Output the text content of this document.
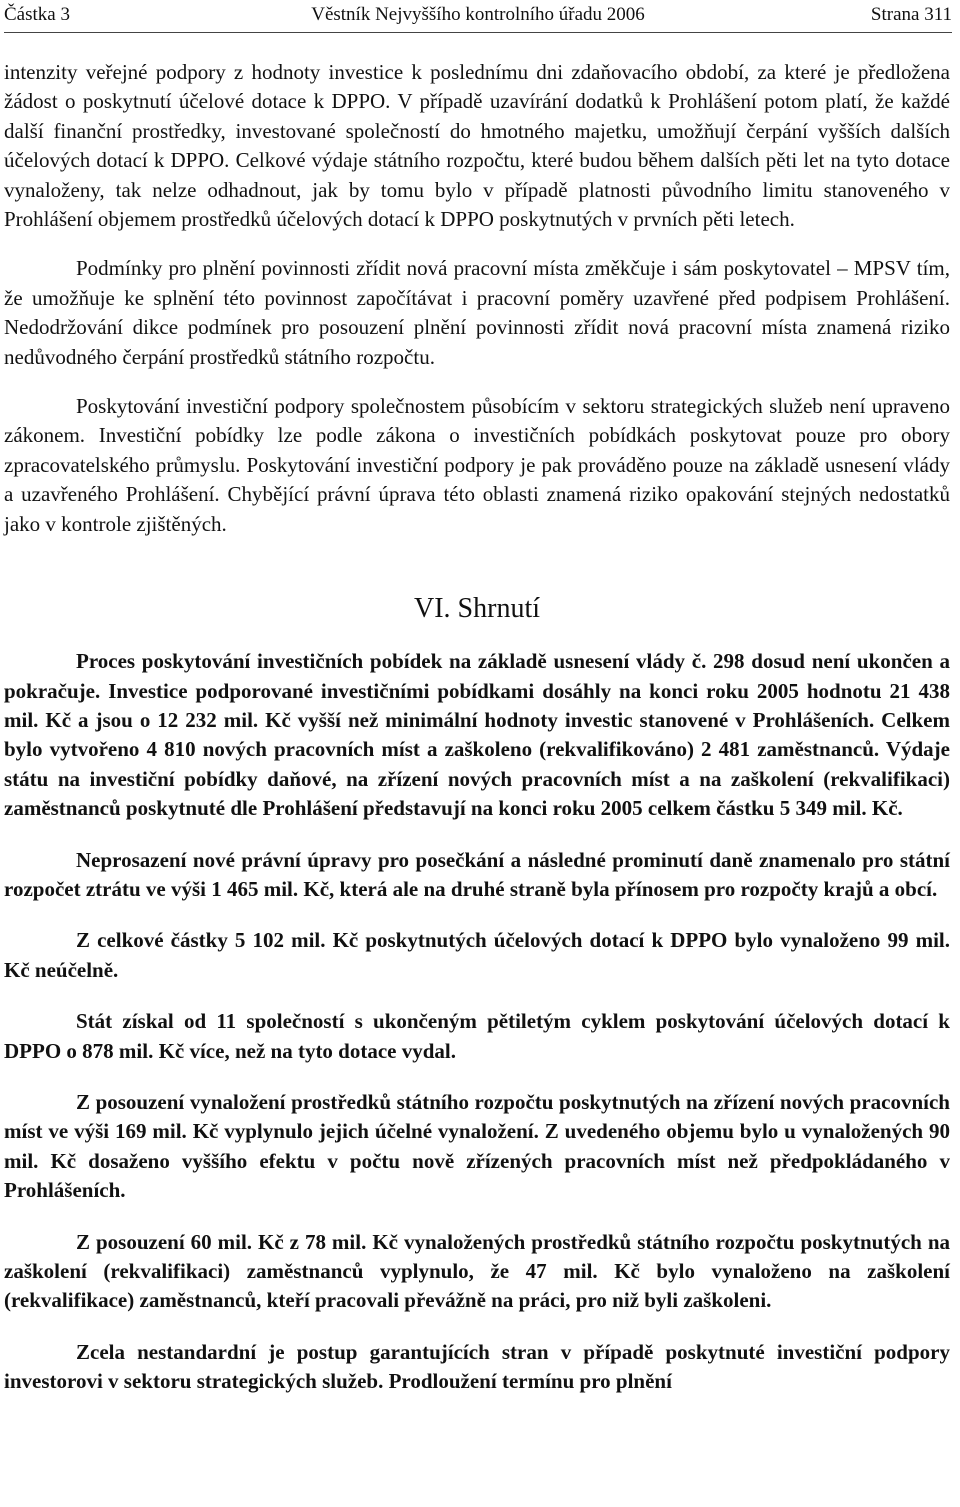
Částka 3	Věstník Nejvyššího kontrolního úřadu 2006	Strana 311

intenzity veřejné podpory z hodnoty investice k poslednímu dni zdaňovacího období, za které je předložena žádost o poskytnutí účelové dotace k DPPO. V případě uzavírání dodatků k Prohlášení potom platí, že každé další finanční prostředky, investované společností do hmotného majetku, umožňují čerpání vyšších dalších účelových dotací k DPPO. Celkové výdaje státního rozpočtu, které budou během dalších pěti let na tyto dotace vynaloženy, tak nelze odhadnout, jak by tomu bylo v případě platnosti původního limitu stanoveného v Prohlášení objemem prostředků účelových dotací k DPPO poskytnutých v prvních pěti letech.

Podmínky pro plnění povinnosti zřídit nová pracovní místa změkčuje i sám poskytovatel – MPSV tím, že umožňuje ke splnění této povinnost započítávat i pracovní poměry uzavřené před podpisem Prohlášení. Nedodržování dikce podmínek pro posouzení plnění povinnosti zřídit nová pracovní místa znamená riziko nedůvodného čerpání prostředků státního rozpočtu.

Poskytování investiční podpory společnostem působícím v sektoru strategických služeb není upraveno zákonem. Investiční pobídky lze podle zákona o investičních pobídkách poskytovat pouze pro obory zpracovatelského průmyslu. Poskytování investiční podpory je pak prováděno pouze na základě usnesení vlády a uzavřeného Prohlášení. Chybějící právní úprava této oblasti znamená riziko opakování stejných nedostatků jako v kontrole zjištěných.

VI. Shrnutí

Proces poskytování investičních pobídek na základě usnesení vlády č. 298 dosud není ukončen a pokračuje. Investice podporované investičními pobídkami dosáhly na konci roku 2005 hodnotu 21 438 mil. Kč a jsou o 12 232 mil. Kč vyšší než minimální hodnoty investic stanovené v Prohlášeních. Celkem bylo vytvořeno 4 810 nových pracovních míst a zaškoleno (rekvalifikováno) 2 481 zaměstnanců. Výdaje státu na investiční pobídky daňové, na zřízení nových pracovních míst a na zaškolení (rekvalifikaci) zaměstnanců poskytnuté dle Prohlášení představují na konci roku 2005 celkem částku 5 349 mil. Kč.

Neprosazení nové právní úpravy pro posečkání a následné prominutí daně znamenalo pro státní rozpočet ztrátu ve výši 1 465 mil. Kč, která ale na druhé straně byla přínosem pro rozpočty krajů a obcí.

Z celkové částky 5 102 mil. Kč poskytnutých účelových dotací k DPPO bylo vynaloženo 99 mil. Kč neúčelně.

Stát získal od 11 společností s ukončeným pětiletým cyklem poskytování účelových dotací k DPPO o 878 mil. Kč více, než na tyto dotace vydal.

Z posouzení vynaložení prostředků státního rozpočtu poskytnutých na zřízení nových pracovních míst ve výši 169 mil. Kč vyplynulo jejich účelné vynaložení. Z uvedeného objemu bylo u vynaložených 90 mil. Kč dosaženo vyššího efektu v počtu nově zřízených pracovních míst než předpokládaného v Prohlášeních.

Z posouzení 60 mil. Kč z 78 mil. Kč vynaložených prostředků státního rozpočtu poskytnutých na zaškolení (rekvalifikaci) zaměstnanců vyplynulo, že 47 mil. Kč bylo vynaloženo na zaškolení (rekvalifikace) zaměstnanců, kteří pracovali převážně na práci, pro niž byli zaškoleni.

Zcela nestandardní je postup garantujících stran v případě poskytnuté investiční podpory investorovi v sektoru strategických služeb. Prodloužení termínu pro plnění
